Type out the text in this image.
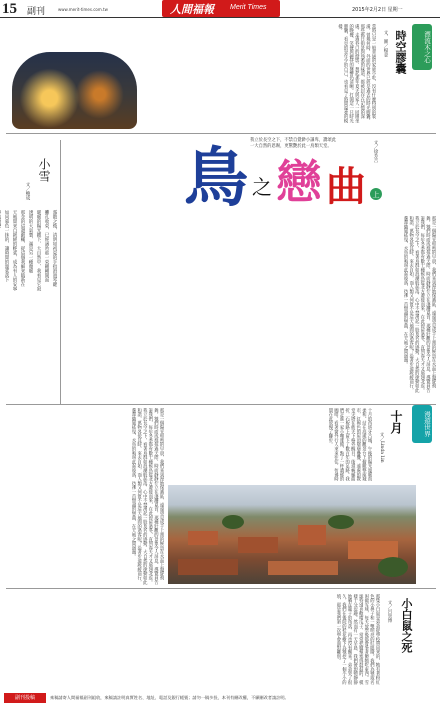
15 副刊	www.merit-times.com.tw	人間福報 Merit Times	2015年2月2日 星期一
漂流木之心
時空膠囊
文、圖／楊金
當時只是一般普通的家庭小吃，沒有什麼特別的裝潢。曾幾何時，外面的世界已經是過去的時光膠囊，那些舊日街景與熟悉的味道，都被封存在記憶的深處。走過巷口的燈影，想起那年夏天與家人一同圍坐的晚餐，笑聲與碗筷的聲響仍清晰。打開這一只時光膠囊，看見的是年少的自己，也看見了時間溫柔的模樣。
鳥 之 戀 曲 上
文／徐芳吉
我立於長空之下，不禁自覺渺小謙卑，讚頌此
一大自然的恩賜，更驚艷於此一鳥類天堂。
那是一個陽光和煦的早晨，我們來到溼地保護區，遠遠望見成千上萬的候鳥在水面上盤旋飛舞。牠們時而成群掠過天際，時而靜靜佇立在淺灘覓食，那種壯觀的景象令人屏息。導覽員告訴我們，每年冬季都有數十種候鳥從北方遷徙而來，在此停留過冬，直到春天才又展翅北返。我立於長空之下，看著鳥群如浪潮般起落，心中不禁湧起一股莫名的感動。大自然的律動如此和諧，萬物各依其時，來去自如，而人類又何嘗不是這天地間的過客呢？沿著步道緩緩前行，蘆葦隨風搖曳，水鳥的鳴叫此起彼落，彷彿一首無盡的戀曲，在天地之間迴盪。
小雪
文／鮑成
霧散之後，清明如初夏的手指滑過琴鍵
攤孔收束，已經涵吟那一束剛剛開面
暖暖的陽光撒下，大自然中，我看見它寂
透明的大氣裏，滿是另一種顏暖
那念的這邊細輔，從這個我細來臨新在
天地間來自緩緩的輕柔，成為有人的安寧
如同暮色一抹的，讓時間的溫柔落下
漫遊世界
十月
文／Linda Lin
十月的西班牙古城，午後的陽光溫暖而柔和。站在高處的觀景台上俯瞰整座城市，紅褐色的屋頂層層疊疊，遠處的教堂尖塔在藍天下格外醒目。街道蜿蜒曲折，石板路上留下了數百年的足跡。我們走進一家小咖啡館，點了一杯濃郁的咖啡，看著窗外行人來來往往，彷彿時間在此放慢了腳步。
那是一個陽光和煦的早晨，我們來到溼地保護區，遠遠望見成千上萬的候鳥在水面上盤旋飛舞。牠們時而成群掠過天際，時而靜靜佇立在淺灘覓食，那種壯觀的景象令人屏息。導覽員告訴我們，每年冬季都有數十種候鳥從北方遷徙而來，在此停留過冬，直到春天才又展翅北返。我立於長空之下，看著鳥群如浪潮般起落，心中不禁湧起一股莫名的感動。大自然的律動如此和諧，萬物各依其時，來去自如，而人類又何嘗不是這天地間的過客呢？沿著步道緩緩前行，蘆葦隨風搖曳，水鳥的鳴叫此起彼落，彷彿一首無盡的戀曲，在天地之間迴盪。
小白鼠之死
文／呂崇博
那隻小白鼠是弟弟從學校帶回來的，牠有著粉紅色的小鼻子和一雙明亮的紅眼睛。我們為牠取名叫做雪球，每天放學後都會爭著餵牠吃東西。雪球特別喜歡啃瓜子，常常把臉頰塞得鼓鼓的，模樣十分逗趣。然而有一天早晨，我們發現牠靜靜地躺在籠子的角落，再也沒有醒來。弟弟哭了很久，我們在後院的桂花樹下為牠挖了一個小小的墳，那是我們第一次學會面對離別。
副刊投稿	來稿請寄人間福報副刊組收，來稿請註明真實姓名、地址、電話及銀行帳號；請勿一稿多投，本刊有刪改權，不願刪改者請註明。
